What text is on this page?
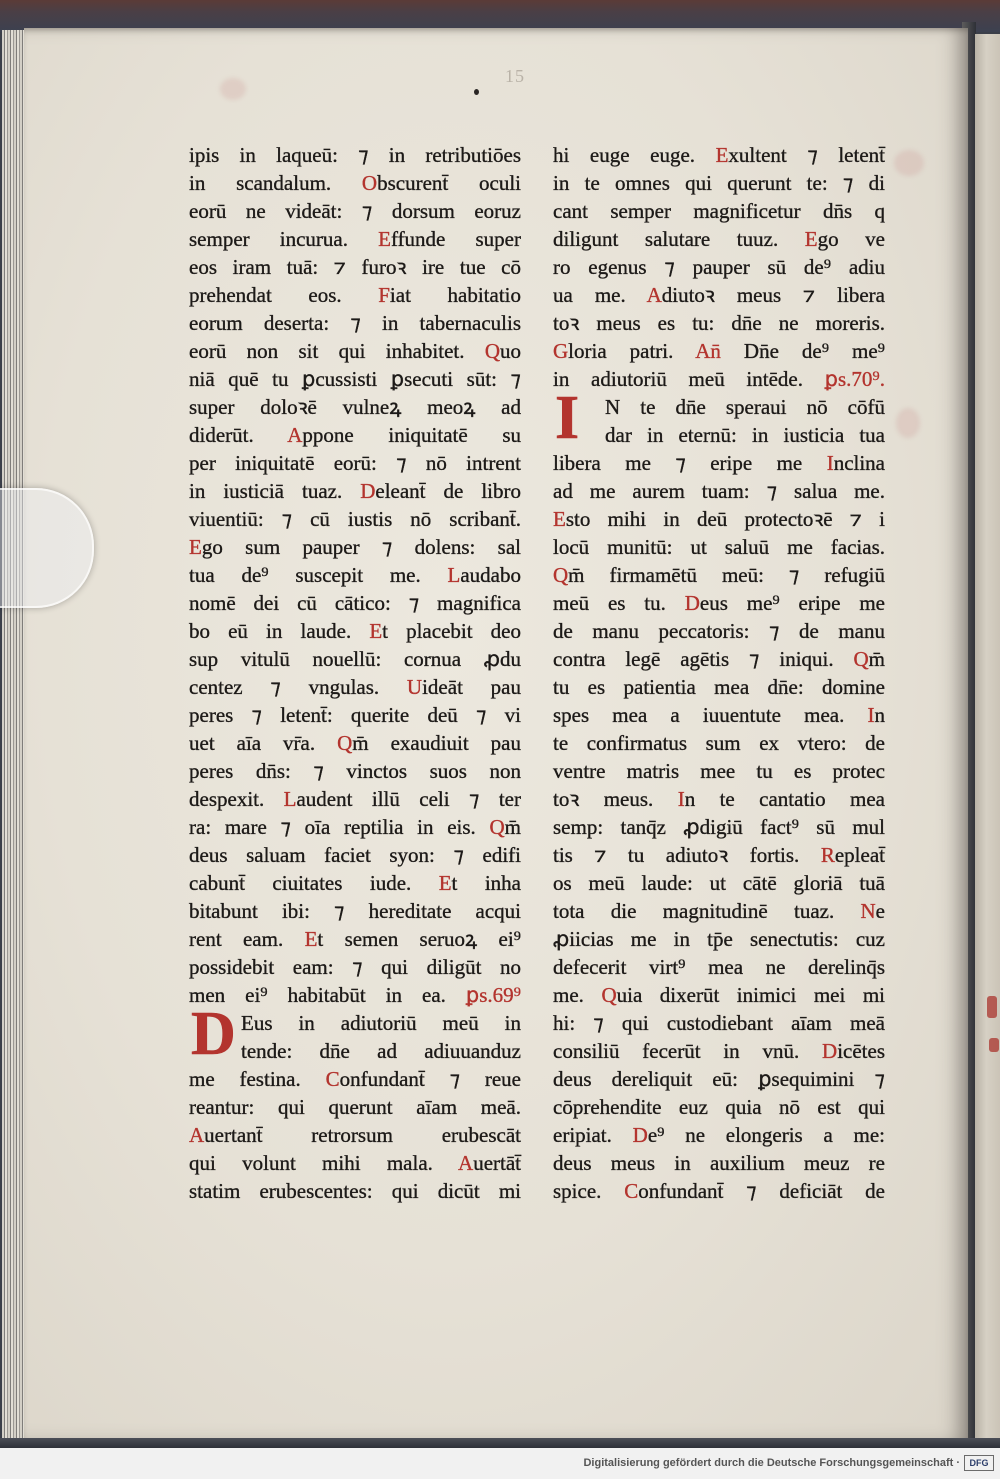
15
ipis in laqueū: ⁊ in retributiōes
in scandalum. Obscurent̄ oculi
eorū ne videāt: ⁊ dorsum eoruz
semper incurua. Effunde super
eos iram tuā: ⁊ furoꝛ ire tue cō
prehendat eos. Fiat habitatio
eorum deserta: ⁊ in tabernaculis
eorū non sit qui inhabitet. Quo
niā quē tu ꝑcussisti ꝑsecuti sūt: ⁊
super doloꝛē vulneꝝ meoꝝ ad
diderūt. Appone iniquitatē su
per iniquitatē eorū: ⁊ nō intrent
in iusticiā tuaz. Deleant̄ de libro
viuentiū: ⁊ cū iustis nō scribant̄.
Ego sum pauper ⁊ dolens: sal
tua de⁹ suscepit me. Laudabo
nomē dei cū cātico: ⁊ magnifica
bo eū in laude. Et placebit deo
sup vitulū nouellū: cornua ꝓdu
centez ⁊ vngulas. Uideāt pau
peres ⁊ letent̄: querite deū ⁊ vi
uet aīa vr̄a. Qm̄ exaudiuit pau
peres dn̄s: ⁊ vinctos suos non
despexit. Laudent illū celi ⁊ ter
ra: mare ⁊ oīa reptilia in eis. Qm̄
deus saluam faciet syon: ⁊ edifi
cabunt̄ ciuitates iude. Et inha
bitabunt ibi: ⁊ hereditate acqui
rent eam. Et semen seruoꝝ ei⁹
possidebit eam: ⁊ qui diligūt no
men ei⁹ habitabūt in ea. ꝑs.69⁹
D Eus in adiutoriū meū in
tende: dn̄e ad adiuuanduz
me festina. Confundant̄ ⁊ reue
reantur: qui querunt aīam meā.
Auertant̄ retrorsum erubescāt
qui volunt mihi mala. Auertāt̄
statim erubescentes: qui dicūt mi
hi euge euge. Exultent ⁊ letent̄
in te omnes qui querunt te: ⁊ di
cant semper magnificetur dn̄s q
diligunt salutare tuuz. Ego ve
ro egenus ⁊ pauper sū de⁹ adiu
ua me. Adiutoꝛ meus ⁊ libera
toꝛ meus es tu: dn̄e ne moreris.
Gloria patri. An̄ Dn̄e de⁹ me⁹
in adiutoriū meū intēde. ꝑs.70⁹.
I N te dn̄e speraui nō cōfū
dar in eternū: in iusticia tua
libera me ⁊ eripe me Inclina
ad me aurem tuam: ⁊ salua me.
Esto mihi in deū protectoꝛē ⁊ i
locū munitū: ut saluū me facias.
Qm̄ firmamētū meū: ⁊ refugiū
meū es tu. Deus me⁹ eripe me
de manu peccatoris: ⁊ de manu
contra legē agētis ⁊ iniqui. Qm̄
tu es patientia mea dn̄e: domine
spes mea a iuuentute mea. In
te confirmatus sum ex vtero: de
ventre matris mee tu es protec
toꝛ meus. In te cantatio mea
semp: tanq̄z ꝓdigiū fact⁹ sū mul
tis ⁊ tu adiutoꝛ fortis. Repleat̄
os meū laude: ut cātē gloriā tuā
tota die magnitudinē tuaz. Ne
ꝓiicias me in tp̄e senectutis: cuz
defecerit virt⁹ mea ne derelinq̄s
me. Quia dixerūt inimici mei mi
hi: ⁊ qui custodiebant aīam meā
consiliū fecerūt in vnū. Dicētes
deus dereliquit eū: ꝑsequimini ⁊
cōprehendite euz quia nō est qui
eripiat. De⁹ ne elongeris a me:
deus meus in auxilium meuz re
spice. Confundant̄ ⁊ deficiāt de
Digitalisierung gefördert durch die Deutsche Forschungsgemeinschaft ·	DFG
